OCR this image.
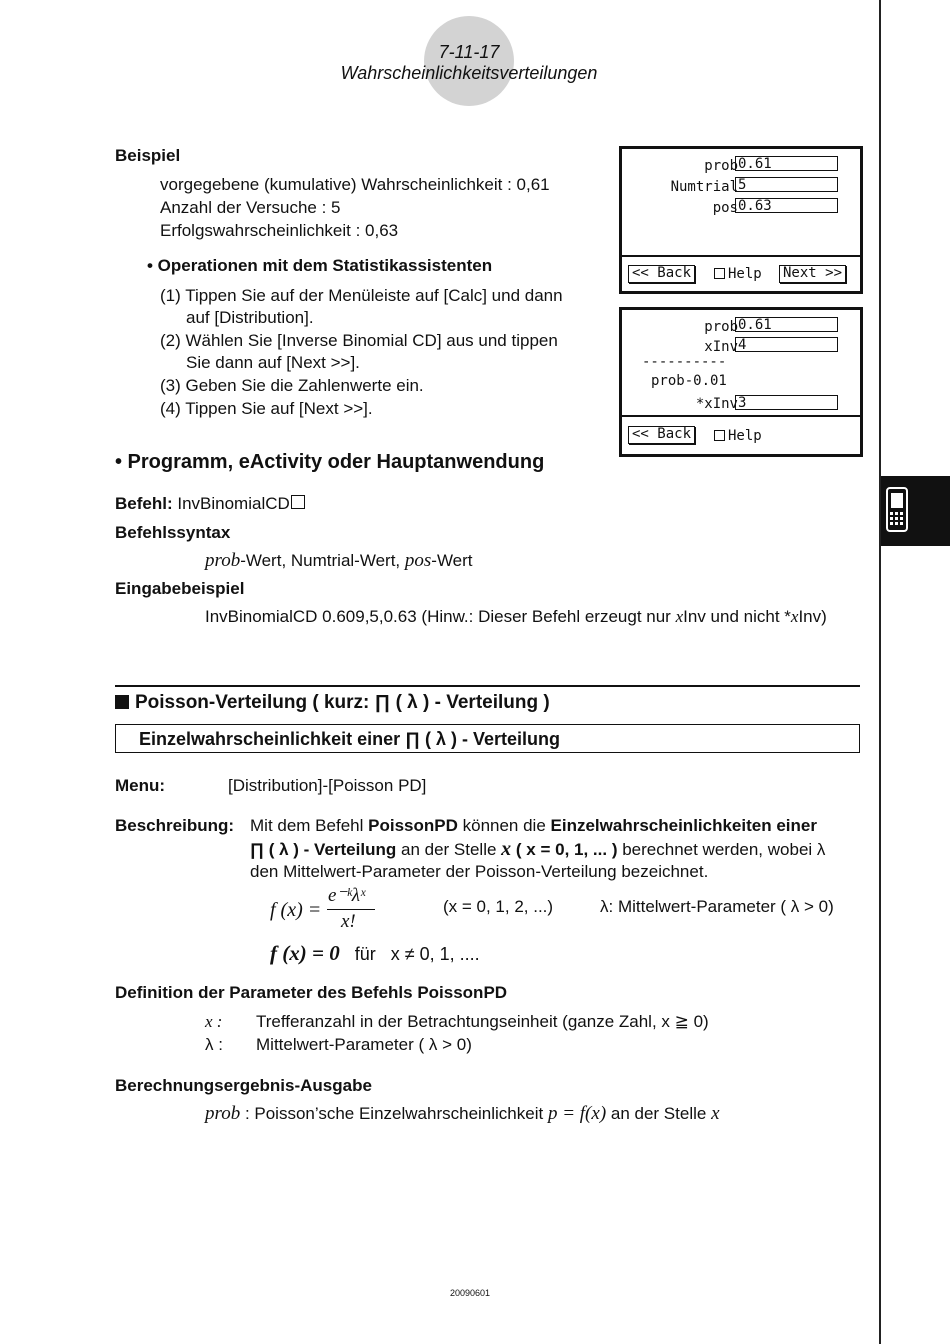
7-11-17
Wahrscheinlichkeitsverteilungen
Beispiel
vorgegebene (kumulative) Wahrscheinlichkeit : 0,61
Anzahl der Versuche : 5
Erfolgswahrscheinlichkeit : 0,63
• Operationen mit dem Statistikassistenten
(1) Tippen Sie auf der Menüleiste auf [Calc] und dann
auf [Distribution].
(2) Wählen Sie [Inverse Binomial CD] aus und tippen
Sie dann auf [Next >>].
(3) Geben Sie die Zahlenwerte ein.
(4) Tippen Sie auf [Next >>].
prob 0.61
Numtrial 5
pos 0.63
<< Back	Help Next >>
prob 0.61
xInv 4
----------
prob-0.01
*xInv 3
<< Back	Help
• Programm, eActivity oder Hauptanwendung
Befehl: InvBinomialCD
Befehlssyntax
prob-Wert, Numtrial-Wert, pos-Wert
Eingabebeispiel
InvBinomialCD 0.609,5,0.63 (Hinw.: Dieser Befehl erzeugt nur xInv und nicht *xInv)
Poisson-Verteilung ( kurz: ∏ ( λ ) - Verteilung )
Einzelwahrscheinlichkeit einer ∏ ( λ ) - Verteilung
Menu:	[Distribution]-[Poisson PD]
Beschreibung: Mit dem Befehl PoissonPD können die Einzelwahrscheinlichkeiten einer
∏ ( λ ) - Verteilung an der Stelle x ( x = 0, 1, ... ) berechnet werden, wobei λ
den Mittelwert-Parameter der Poisson-Verteilung bezeichnet.
f (x) =
e⁻ᵏλˣ
x!
(x = 0, 1, 2, ...)	λ: Mittelwert-Parameter ( λ > 0)
f (x) = 0 für x ≠ 0, 1, ....
Definition der Parameter des Befehls PoissonPD
x : Trefferanzahl in der Betrachtungseinheit (ganze Zahl, x ≧ 0)
λ : Mittelwert-Parameter ( λ > 0)
Berechnungsergebnis-Ausgabe
prob : Poisson’sche Einzelwahrscheinlichkeit p = f(x) an der Stelle x
20090601
